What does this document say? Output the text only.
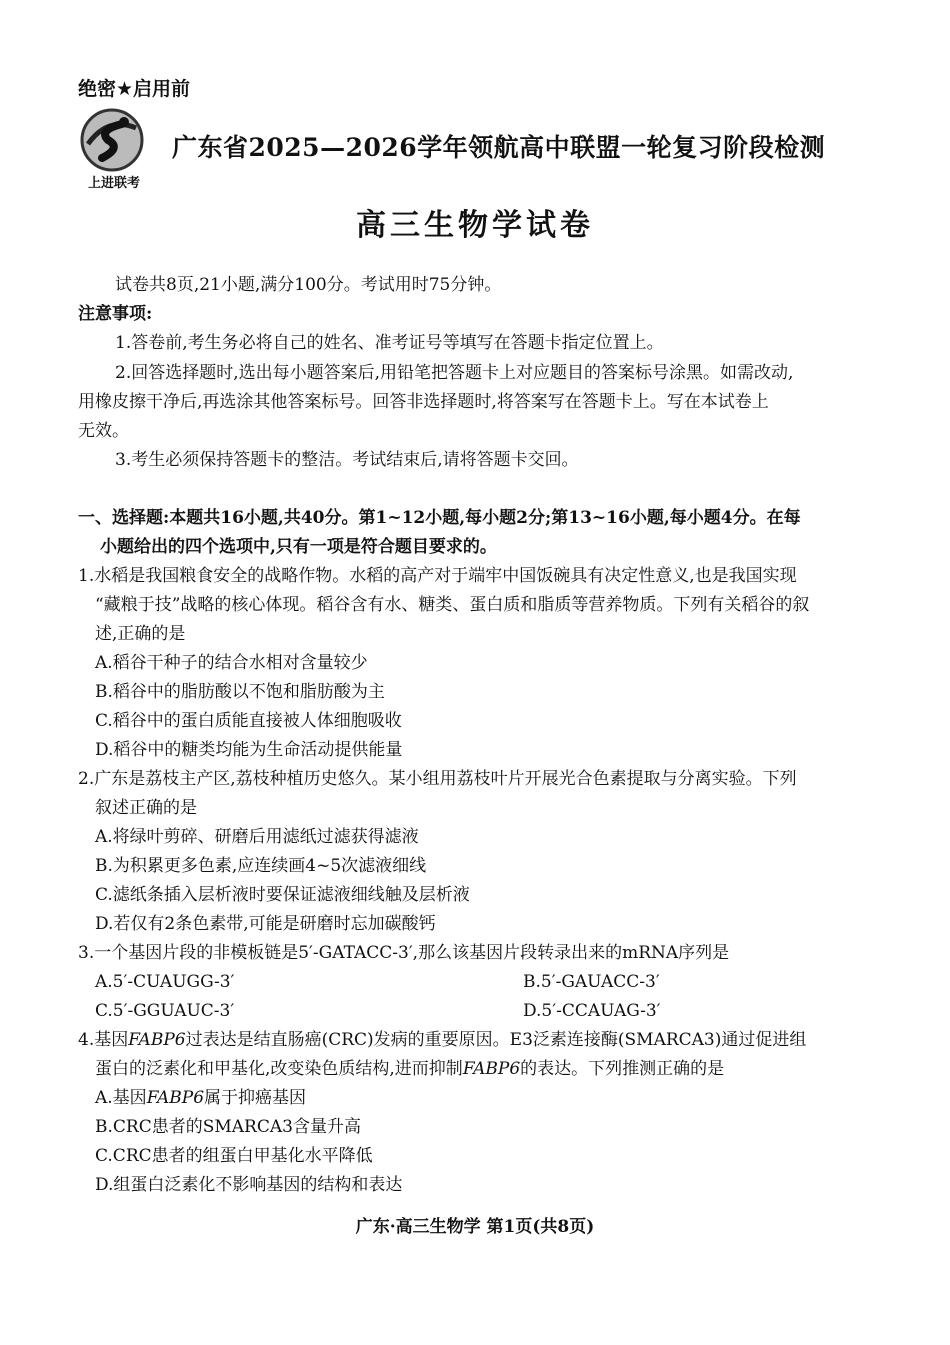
绝密★启用前
上进联考
广东省2025—2026学年领航高中联盟一轮复习阶段检测
高三生物学试卷
试卷共8页,21小题,满分100分。考试用时75分钟。
注意事项:
1.答卷前,考生务必将自己的姓名、准考证号等填写在答题卡指定位置上。
2.回答选择题时,选出每小题答案后,用铅笔把答题卡上对应题目的答案标号涂黑。如需改动,
用橡皮擦干净后,再选涂其他答案标号。回答非选择题时,将答案写在答题卡上。写在本试卷上
无效。
3.考生必须保持答题卡的整洁。考试结束后,请将答题卡交回。
一、选择题:本题共16小题,共40分。第1~12小题,每小题2分;第13~16小题,每小题4分。在每
小题给出的四个选项中,只有一项是符合题目要求的。
1.水稻是我国粮食安全的战略作物。水稻的高产对于端牢中国饭碗具有决定性意义,也是我国实现
“藏粮于技”战略的核心体现。稻谷含有水、糖类、蛋白质和脂质等营养物质。下列有关稻谷的叙
述,正确的是
A.稻谷干种子的结合水相对含量较少
B.稻谷中的脂肪酸以不饱和脂肪酸为主
C.稻谷中的蛋白质能直接被人体细胞吸收
D.稻谷中的糖类均能为生命活动提供能量
2.广东是荔枝主产区,荔枝种植历史悠久。某小组用荔枝叶片开展光合色素提取与分离实验。下列
叙述正确的是
A.将绿叶剪碎、研磨后用滤纸过滤获得滤液
B.为积累更多色素,应连续画4~5次滤液细线
C.滤纸条插入层析液时要保证滤液细线触及层析液
D.若仅有2条色素带,可能是研磨时忘加碳酸钙
3.一个基因片段的非模板链是5′-GATACC-3′,那么该基因片段转录出来的mRNA序列是
A.5′-CUAUGG-3′	B.5′-GAUACC-3′
C.5′-GGUAUC-3′	D.5′-CCAUAG-3′
4.基因FABP6过表达是结直肠癌(CRC)发病的重要原因。E3泛素连接酶(SMARCA3)通过促进组
蛋白的泛素化和甲基化,改变染色质结构,进而抑制FABP6的表达。下列推测正确的是
A.基因FABP6属于抑癌基因
B.CRC患者的SMARCA3含量升高
C.CRC患者的组蛋白甲基化水平降低
D.组蛋白泛素化不影响基因的结构和表达
广东·高三生物学 第1页(共8页)
